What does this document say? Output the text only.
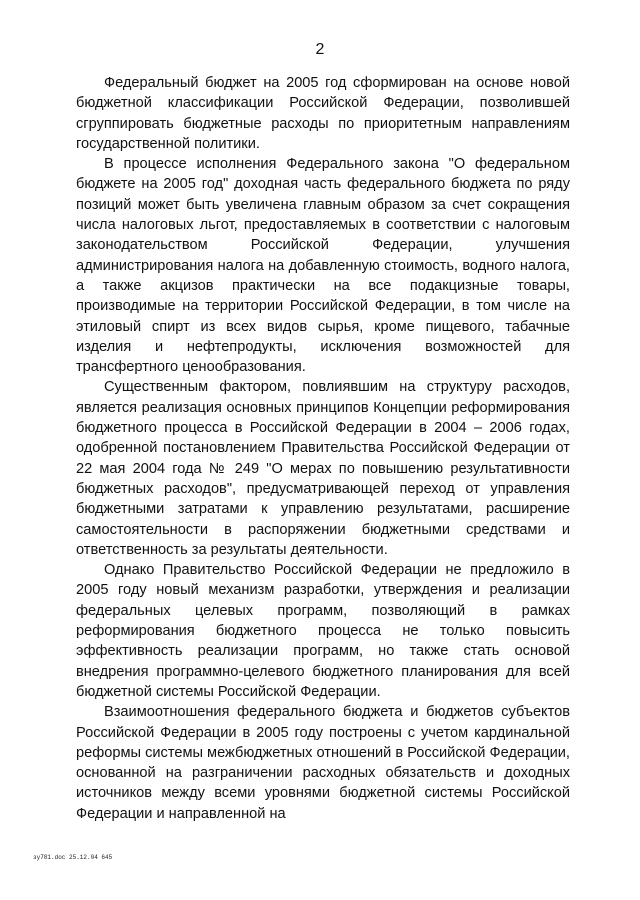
2

Федеральный бюджет на 2005 год сформирован на основе новой бюджетной классификации Российской Федерации, позволившей сгруппировать бюджетные расходы по приоритетным направлениям государственной политики.

В процессе исполнения Федерального закона "О федеральном бюджете на 2005 год" доходная часть федерального бюджета по ряду позиций может быть увеличена главным образом за счет сокращения числа налоговых льгот, предоставляемых в соответствии с налоговым законодательством Российской Федерации, улучшения администрирования налога на добавленную стоимость, водного налога, а также акцизов практически на все подакцизные товары, производимые на территории Российской Федерации, в том числе на этиловый спирт из всех видов сырья, кроме пищевого, табачные изделия и нефтепродукты, исключения возможностей для трансфертного ценообразования.

Существенным фактором, повлиявшим на структуру расходов, является реализация основных принципов Концепции реформирования бюджетного процесса в Российской Федерации в 2004 – 2006 годах, одобренной постановлением Правительства Российской Федерации от 22 мая 2004 года № 249 "О мерах по повышению результативности бюджетных расходов", предусматривающей переход от управления бюджетными затратами к управлению результатами, расширение самостоятельности в распоряжении бюджетными средствами и ответственность за результаты деятельности.

Однако Правительство Российской Федерации не предложило в 2005 году новый механизм разработки, утверждения и реализации федеральных целевых программ, позволяющий в рамках реформирования бюджетного процесса не только повысить эффективность реализации программ, но также стать основой внедрения программно-целевого бюджетного планирования для всей бюджетной системы Российской Федерации.

Взаимоотношения федерального бюджета и бюджетов субъектов Российской Федерации в 2005 году построены с учетом кардинальной реформы системы межбюджетных отношений в Российской Федерации, основанной на разграничении расходных обязательств и доходных источников между всеми уровнями бюджетной системы Российской Федерации и направленной на

зу781.doc 25.12.04 645
